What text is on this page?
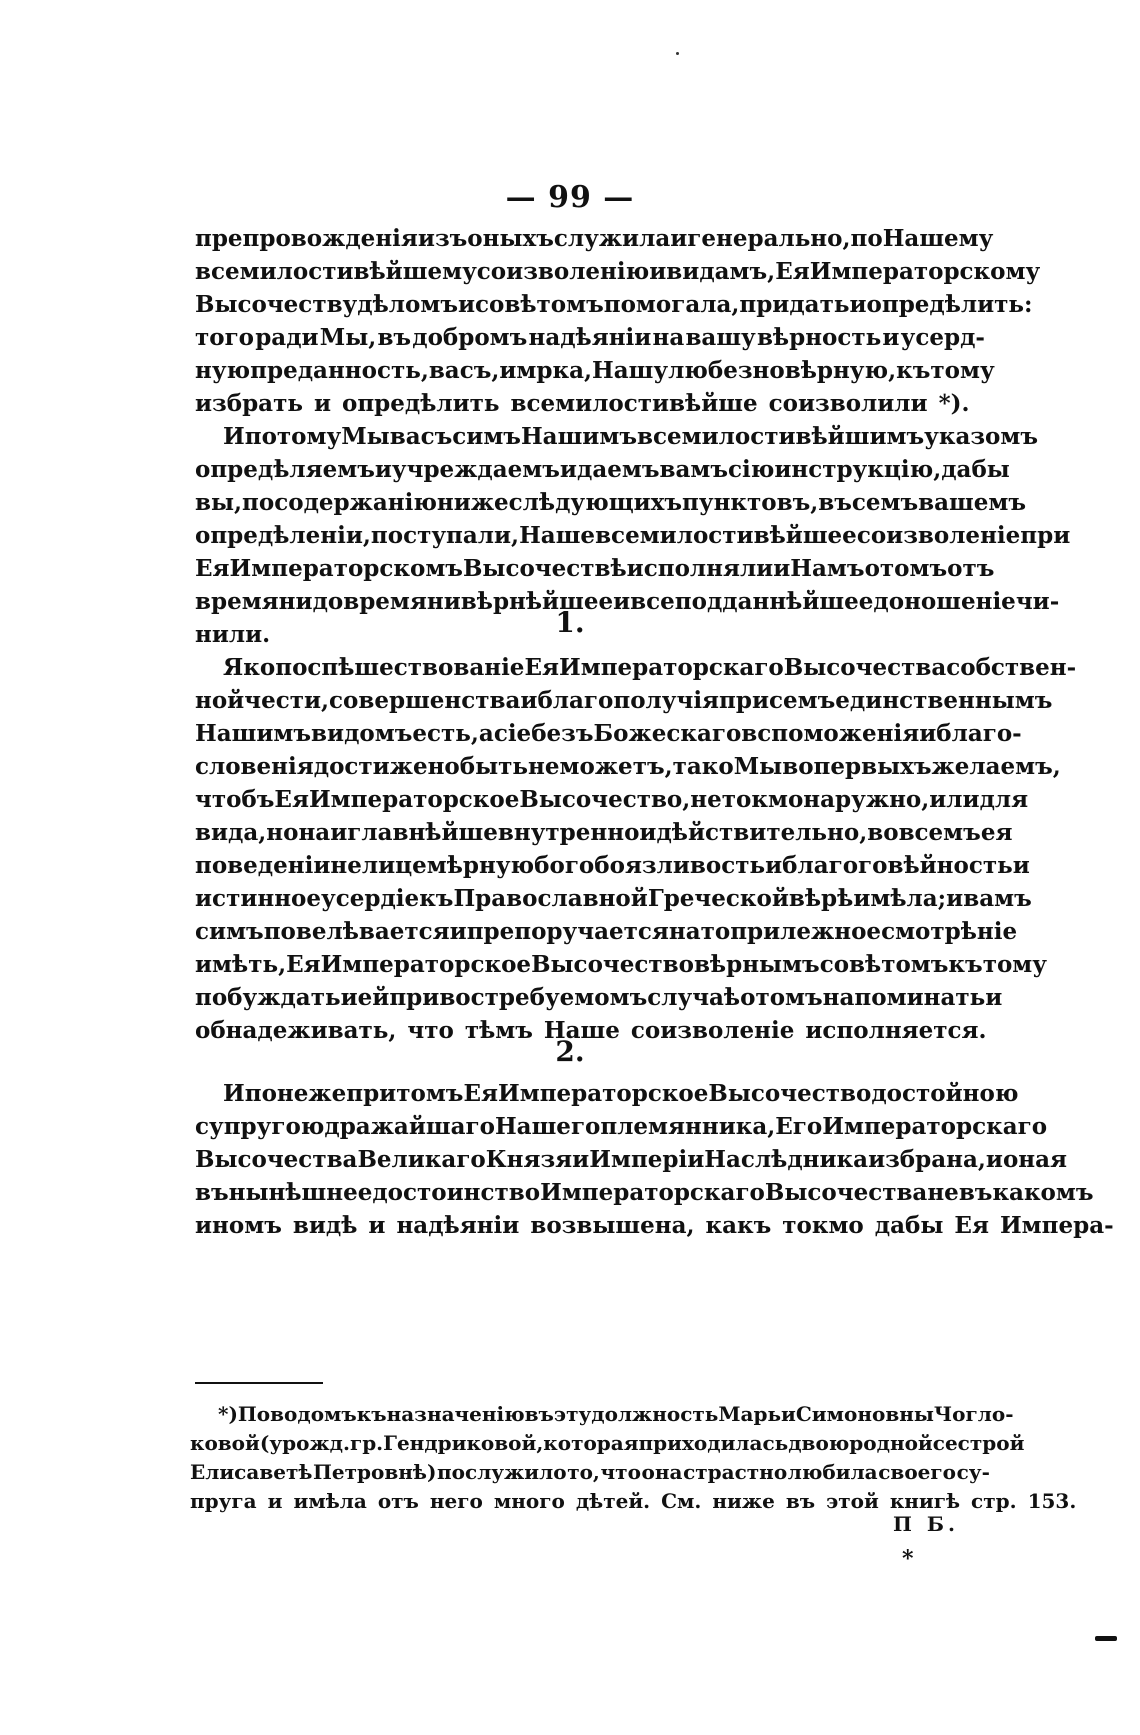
— 99 —
препровожденія изъ оныхъ служила и генерально, по Нашему
всемилостивѣйшему соизволенію и видамъ, Ея Императорскому
Высочеству дѣломъ и совѣтомъ помогала, придать и опредѣлить:
того ради Мы, въ добромъ надѣяніи на вашу вѣрность и усерд-
ную преданность, васъ, имрка, Нашу любезновѣрную, къ тому
избрать и опредѣлить всемилостивѣйше соизволили *).
И потому Мы васъ симъ Нашимъ всемилостивѣйшимъ указомъ
опредѣляемъ и учреждаемъ и даемъ вамъ сію инструкцію, дабы
вы, по содержанію нижеслѣдующихъ пунктовъ, въ семъ вашемъ
опредѣленіи, поступали, Наше всемилостивѣйшее соизволеніе при
Ея Императорскомъ Высочествѣ исполняли и Намъ о томъ отъ
времяни до времяни вѣрнѣйшее и всеподданнѣйшее доношеніе чи-
нили.	1.
Яко поспѣшествованіе Ея Императорскаго Высочества собствен-
ной чести, совершенства и благополучія при семъ единственнымъ
Нашимъ видомъ есть, а сіе безъ Божескаго вспоможенія и благо-
словенія достижено быть не можетъ, тако Мы вопервыхъ желаемъ,
чтобъ Ея Императорское Высочество, не токмо наружно, или для
вида, но наиглавнѣйше внутренно и дѣйствительно, во всемъ ея
поведеніи нелицемѣрную богобоязливость и благоговѣйность и
истинное усердіе къ Православной Греческой вѣрѣ имѣла; и вамъ
симъ повелѣвается и препоручается на то прилежное смотрѣніе
имѣть, Ея Императорское Высочество вѣрнымъ совѣтомъ къ тому
побуждать и ей при востребуемомъ случаѣ о томъ напоминать и
обнадеживать, что тѣмъ Наше соизволеніе исполняется.
2.
И понеже при томъ Ея Императорское Высочество достойною
супругою дражайшаго Нашего племянника, Его Императорскаго
Высочества Великаго Князя и Имперіи Наслѣдника избрана, и оная
въ нынѣшнее достоинство Императорскаго Высочества не въ какомъ
иномъ видѣ и надѣяніи возвышена, какъ токмо дабы Ея Импера-
*) Поводомъ къ назначенію въ эту должность Марьи Симоновны Чогло-
ковой (урожд. гр. Гендриковой, которая приходилась двоюродной сестрой
Елисаветѣ Петровнѣ) послужило то, что она страстно любила своего су-
пруга и имѣла отъ него много дѣтей. См. ниже въ этой книгѣ стр. 153.
П Б.
*
